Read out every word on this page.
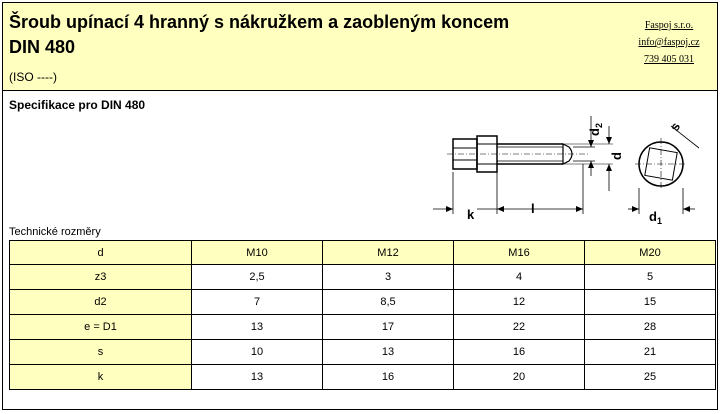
Šroub upínací 4 hranný s nákružkem a zaobleným koncem
DIN 480
(ISO ----)
Faspoj s.r.o.
info@faspoj.cz
739 405 031
Specifikace pro DIN 480
k	l
$d_1$
$d_2$
d
s
Technické rozměry
d	M10	M12	M16	M20
z3	2,5	3	4	5
d2	7	8,5	12	15
e = D1	13	17	22	28
s	10	13	16	21
k	13	16	20	25
